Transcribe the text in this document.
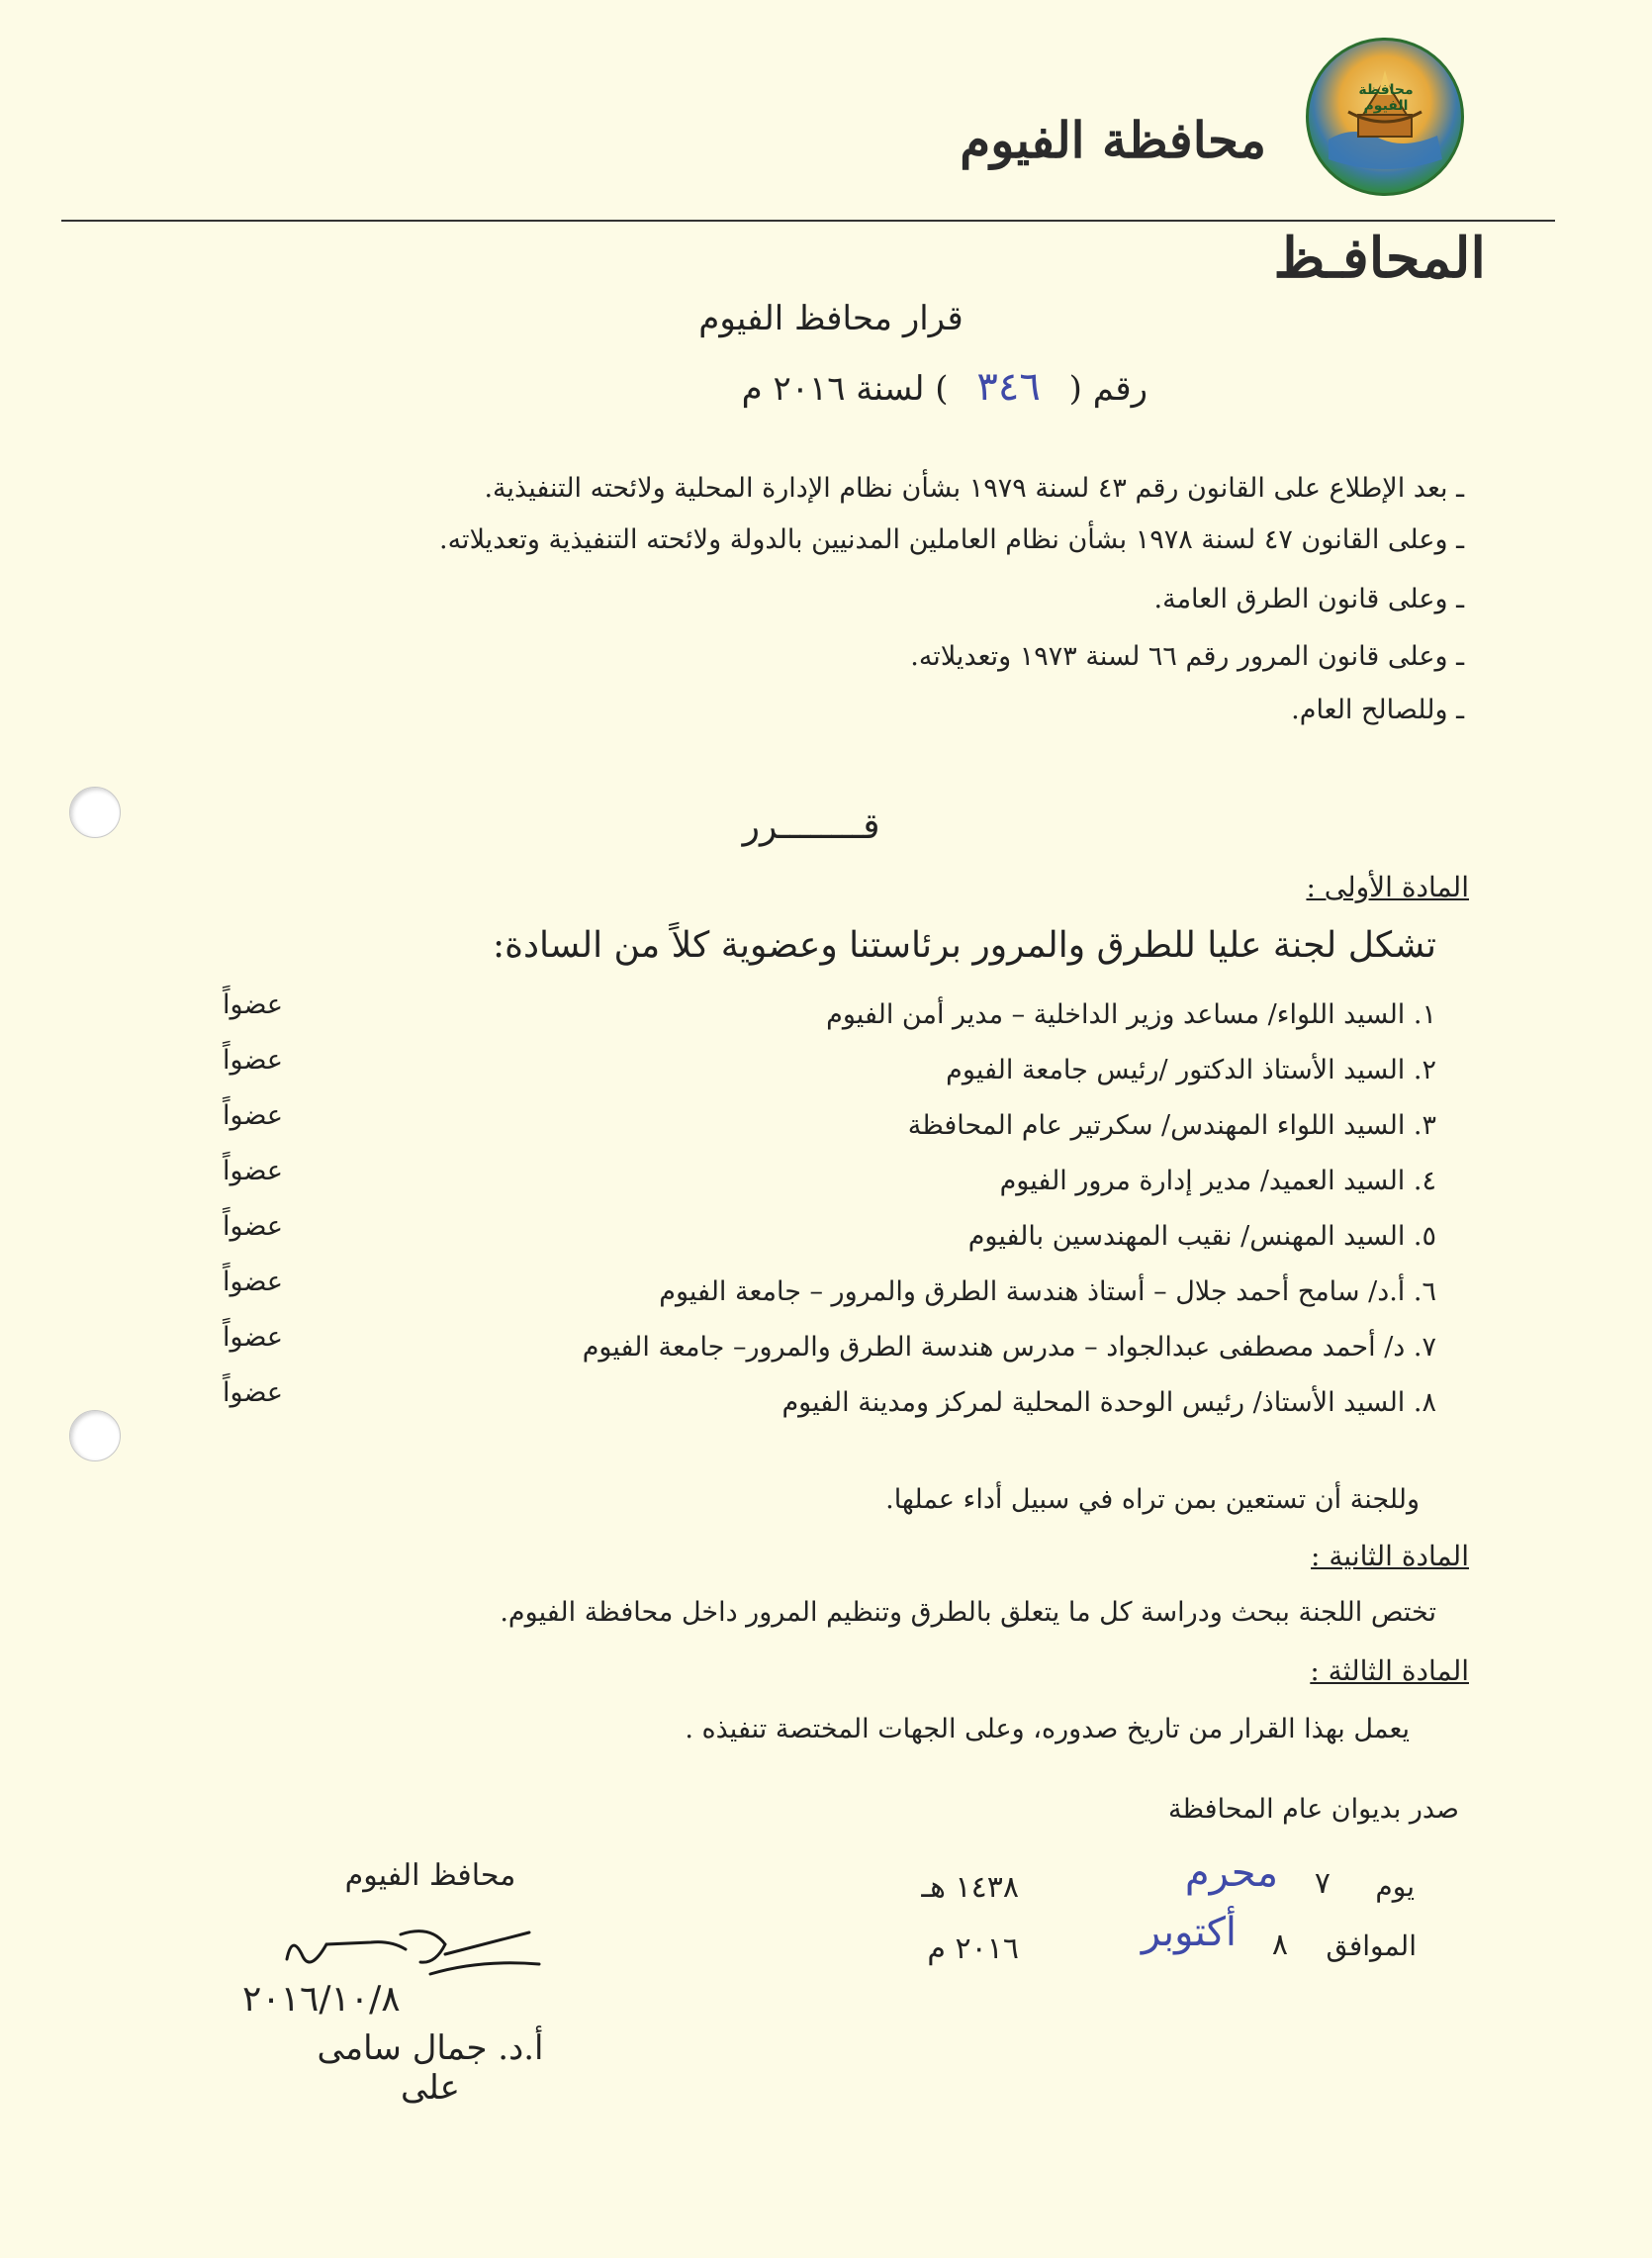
محافظة الفيوم
محافظة الفيوم
المحافـظ
قرار محافظ الفيوم
رقم ( ٣٤٦ ) لسنة ٢٠١٦ م
ـ بعد الإطلاع على القانون رقم ٤٣ لسنة ١٩٧٩ بشأن نظام الإدارة المحلية ولائحته التنفيذية.
ـ وعلى القانون ٤٧ لسنة ١٩٧٨ بشأن نظام العاملين المدنيين بالدولة ولائحته التنفيذية وتعديلاته.
ـ وعلى قانون الطرق العامة.
ـ وعلى قانون المرور رقم ٦٦ لسنة ١٩٧٣ وتعديلاته.
ـ وللصالح العام.
قــــــــرر
المادة الأولى :
تشكل لجنة عليا للطرق والمرور برئاستنا وعضوية كلاً من السادة:
١. السيد اللواء/ مساعد وزير الداخلية – مدير أمن الفيوم
عضواً
٢. السيد الأستاذ الدكتور /رئيس جامعة الفيوم
عضواً
٣. السيد اللواء المهندس/ سكرتير عام المحافظة
عضواً
٤. السيد العميد/ مدير إدارة مرور الفيوم
عضواً
٥. السيد المهنس/ نقيب المهندسين بالفيوم
عضواً
٦. أ.د/ سامح أحمد جلال – أستاذ هندسة الطرق والمرور – جامعة الفيوم
عضواً
٧. د/ أحمد مصطفى عبدالجواد – مدرس هندسة الطرق والمرور– جامعة الفيوم
عضواً
٨. السيد الأستاذ/ رئيس الوحدة المحلية لمركز ومدينة الفيوم
عضواً
وللجنة أن تستعين بمن تراه في سبيل أداء عملها.
المادة الثانية :
تختص اللجنة ببحث ودراسة كل ما يتعلق بالطرق وتنظيم المرور داخل محافظة الفيوم.
المادة الثالثة :
يعمل بهذا القرار من تاريخ صدوره، وعلى الجهات المختصة تنفيذه .
صدر بديوان عام المحافظة
يوم
٧
محرم
١٤٣٨ هـ
الموافق
٨
أكتوبر
٢٠١٦ م
محافظ الفيوم
٢٠١٦/١٠/٨
أ.د. جمال سامى على
